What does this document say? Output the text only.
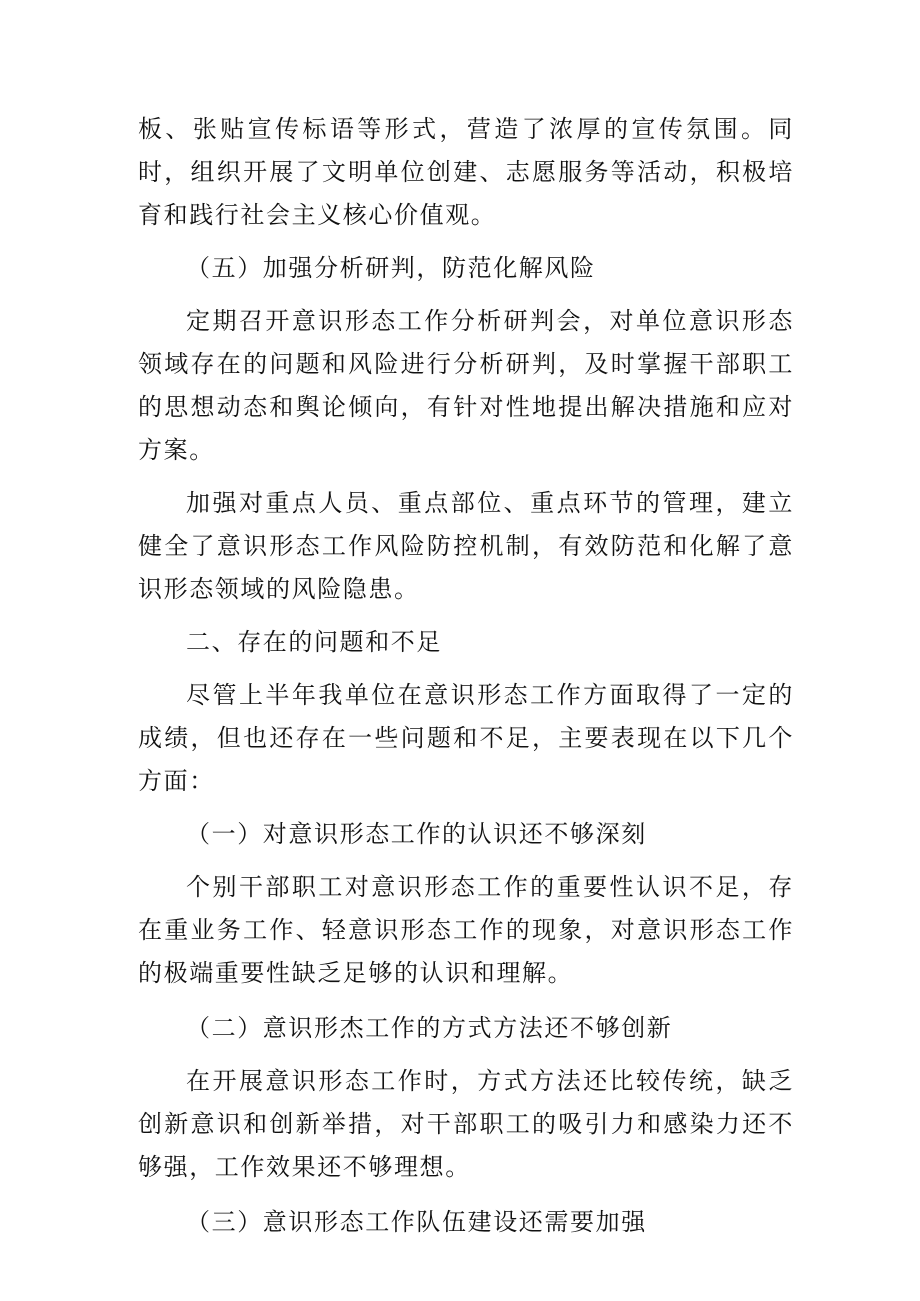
板、张贴宣传标语等形式，营造了浓厚的宣传氛围。同时，组织开展了文明单位创建、志愿服务等活动，积极培育和践行社会主义核心价值观。

（五）加强分析研判，防范化解风险

定期召开意识形态工作分析研判会，对单位意识形态领域存在的问题和风险进行分析研判，及时掌握干部职工的思想动态和舆论倾向，有针对性地提出解决措施和应对方案。

加强对重点人员、重点部位、重点环节的管理，建立健全了意识形态工作风险防控机制，有效防范和化解了意识形态领域的风险隐患。

二、存在的问题和不足

尽管上半年我单位在意识形态工作方面取得了一定的成绩，但也还存在一些问题和不足，主要表现在以下几个方面：

（一）对意识形态工作的认识还不够深刻

个别干部职工对意识形态工作的重要性认识不足，存在重业务工作、轻意识形态工作的现象，对意识形态工作的极端重要性缺乏足够的认识和理解。

（二）意识形杰工作的方式方法还不够创新

在开展意识形态工作时，方式方法还比较传统，缺乏创新意识和创新举措，对干部职工的吸引力和感染力还不够强，工作效果还不够理想。

（三）意识形态工作队伍建设还需要加强
